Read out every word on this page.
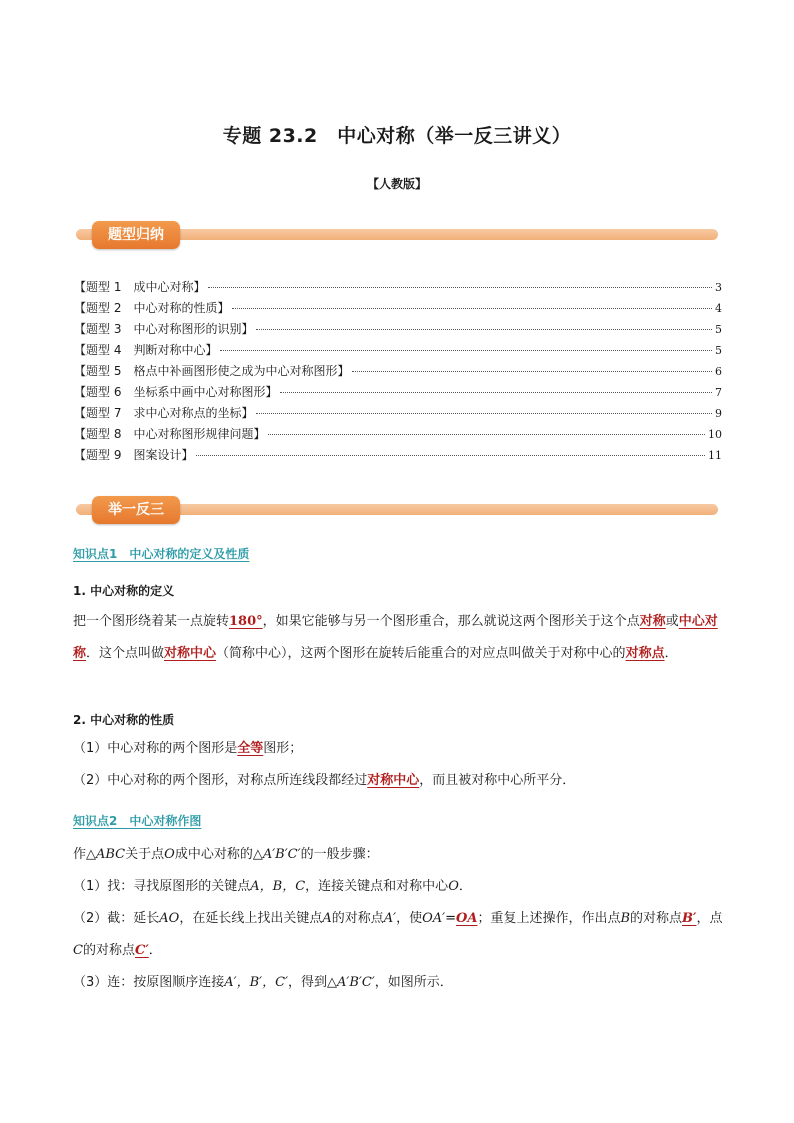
专题 23.2　中心对称（举一反三讲义）
【人教版】
题型归纳
【题型 1　成中心对称】	3
【题型 2　中心对称的性质】	4
【题型 3　中心对称图形的识别】	5
【题型 4　判断对称中心】	5
【题型 5　格点中补画图形使之成为中心对称图形】	6
【题型 6　坐标系中画中心对称图形】	7
【题型 7　求中心对称点的坐标】	9
【题型 8　中心对称图形规律问题】	10
【题型 9　图案设计】	11
举一反三
知识点1　中心对称的定义及性质
1. 中心对称的定义
把一个图形绕着某一点旋转180°，如果它能够与另一个图形重合，那么就说这两个图形关于这个点对称或中心对称．这个点叫做对称中心（简称中心），这两个图形在旋转后能重合的对应点叫做关于对称中心的对称点．
2. 中心对称的性质
（1）中心对称的两个图形是全等图形；
（2）中心对称的两个图形，对称点所连线段都经过对称中心，而且被对称中心所平分．
知识点2　中心对称作图
作△ABC关于点O成中心对称的△A′B′C′的一般步骤：
（1）找：寻找原图形的关键点A，B，C，连接关键点和对称中心O．
（2）截：延长AO，在延长线上找出关键点A的对称点A′，使OA′=OA；重复上述操作，作出点B的对称点B′，点C的对称点C′．
（3）连：按原图顺序连接A′，B′，C′，得到△A′B′C′，如图所示．
